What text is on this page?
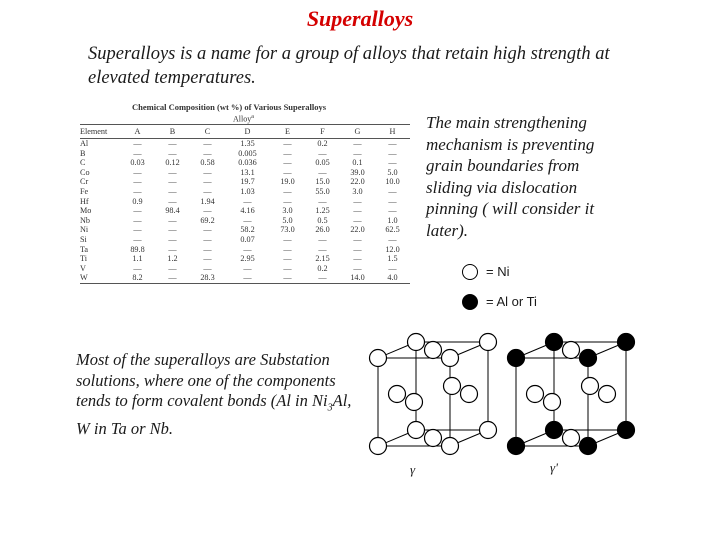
Superalloys
Superalloys is a name for a group of alloys that retain high strength at elevated temperatures.
Chemical Composition (wt %) of Various Superalloys
Alloy$^a$
Element	A	B	C	D	E	F	G	H
Al	—	—	—	1.35	—	0.2	—	—
B	—	—	—	0.005	—	—	—	—
C	0.03	0.12	0.58	0.036	—	0.05	0.1	—
Co	—	—	—	13.1	—	—	39.0	5.0
Cr	—	—	—	19.7	19.0	15.0	22.0	10.0
Fe	—	—	—	1.03	—	55.0	3.0	—
Hf	0.9	—	1.94	—	—	—	—	—
Mo	—	98.4	—	4.16	3.0	1.25	—	—
Nb	—	—	69.2	—	5.0	0.5	—	1.0
Ni	—	—	—	58.2	73.0	26.0	22.0	62.5
Si	—	—	—	0.07	—	—	—	—
Ta	89.8	—	—	—	—	—	—	12.0
Ti	1.1	1.2	—	2.95	—	2.15	—	1.5
V	—	—	—	—	—	0.2	—	—
W	8.2	—	28.3	—	—	—	14.0	4.0
The main strengthening mechanism is preventing grain boundaries from sliding via dislocation pinning ( will consider it later).
= Ni
= Al or Ti
Most of the superalloys are Substation solutions, where one of the components tends to form covalent bonds (Al in $Ni_3Al$, W in Ta or Nb.
γ	γ'
